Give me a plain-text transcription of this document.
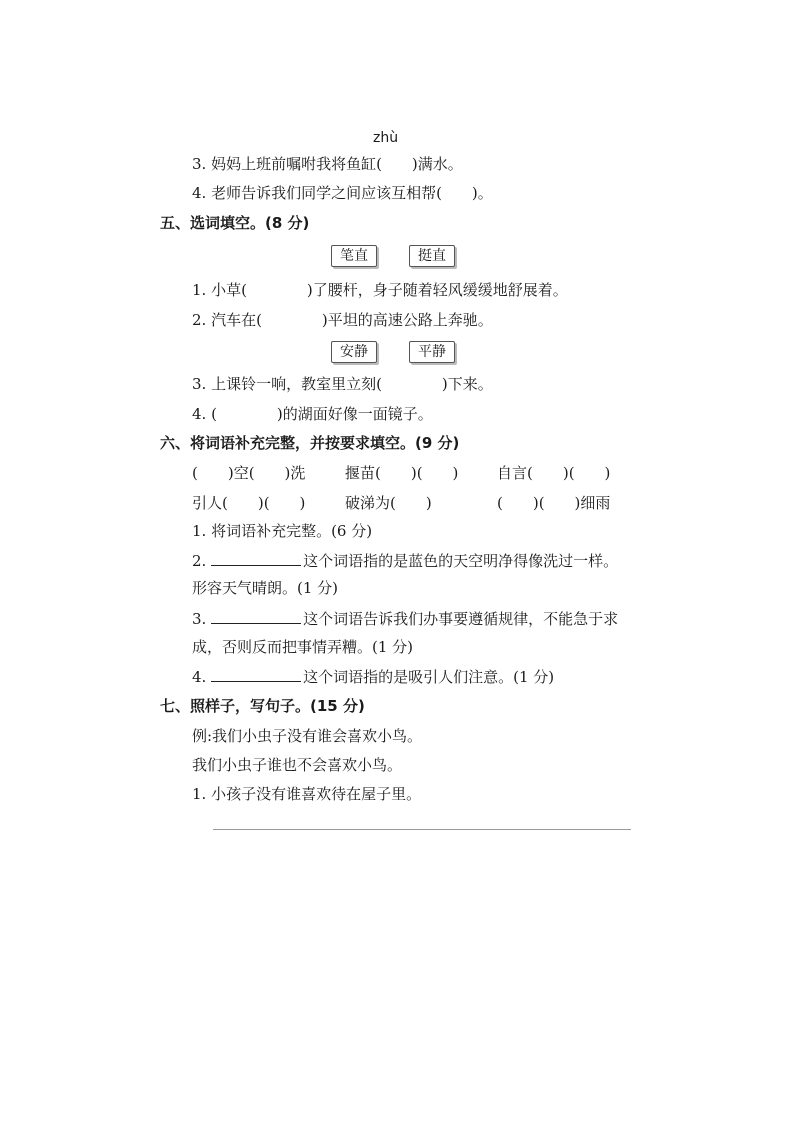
zhù
3. 妈妈上班前嘱咐我将鱼缸(　　)满水。
4. 老师告诉我们同学之间应该互相帮(　　)。
五、选词填空。(8 分)
笔直	挺直
1. 小草(　　　　)了腰杆，身子随着轻风缓缓地舒展着。
2. 汽车在(　　　　)平坦的高速公路上奔驰。
安静	平静
3. 上课铃一响，教室里立刻(　　　　)下来。
4. (　　　　)的湖面好像一面镜子。
六、将词语补充完整，并按要求填空。(9 分)
(　　)空(　　)洗	揠苗(　　)(　　)	自言(　　)(　　)
引人(　　)(　　)	破涕为(　　)	(　　)(　　)细雨
1. 将词语补充完整。(6 分)
2.	这个词语指的是蓝色的天空明净得像洗过一样。
形容天气晴朗。(1 分)
3.	这个词语告诉我们办事要遵循规律，不能急于求
成，否则反而把事情弄糟。(1 分)
4.	这个词语指的是吸引人们注意。(1 分)
七、照样子，写句子。(15 分)
例:我们小虫子没有谁会喜欢小鸟。
我们小虫子谁也不会喜欢小鸟。
1. 小孩子没有谁喜欢待在屋子里。
